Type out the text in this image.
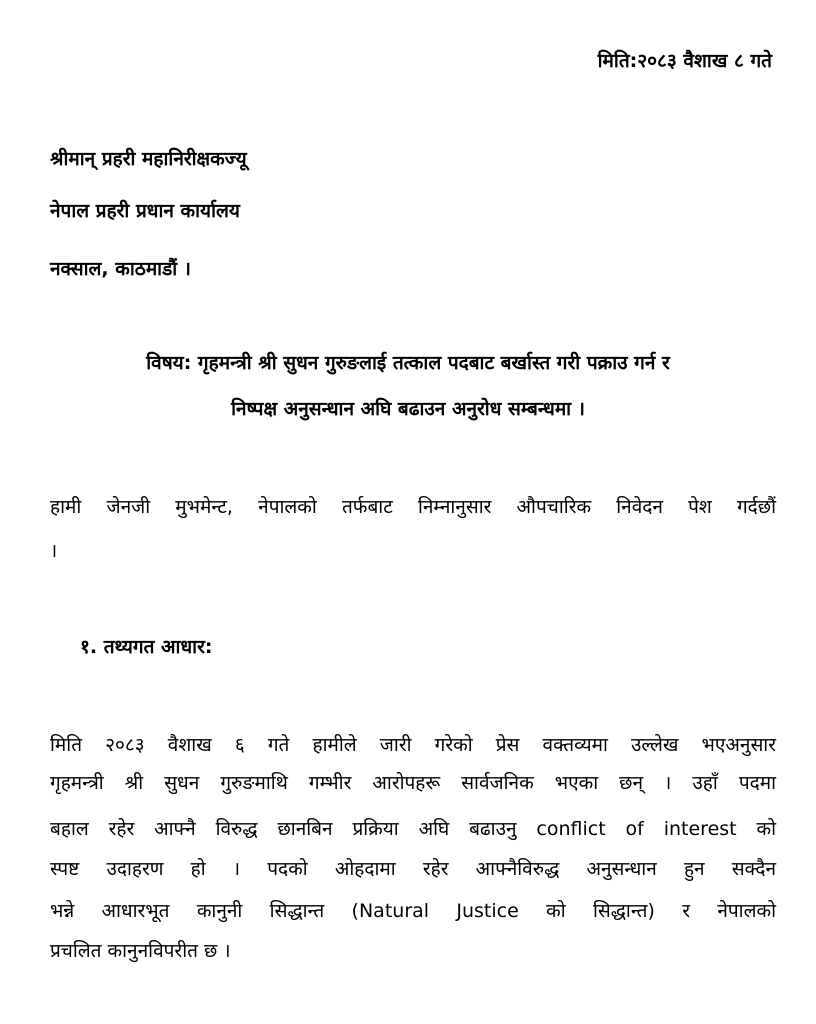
मिति:२०८३ वैशाख ८ गते

श्रीमान् प्रहरी महानिरीक्षकज्यू

नेपाल प्रहरी प्रधान कार्यालय

नक्साल, काठमाडौं ।

विषय: गृहमन्त्री श्री सुधन गुरुङलाई तत्काल पदबाट बर्खास्त गरी पक्राउ गर्न र

निष्पक्ष अनुसन्धान अघि बढाउन अनुरोध सम्बन्धमा ।

हामी जेनजी मुभमेन्ट, नेपालको तर्फबाट निम्नानुसार औपचारिक निवेदन पेश गर्दछौं

।

१. तथ्यगत आधार:

मिति २०८३ वैशाख ६ गते हामीले जारी गरेको प्रेस वक्तव्यमा उल्लेख भएअनुसार

गृहमन्त्री श्री सुधन गुरुङमाथि गम्भीर आरोपहरू सार्वजनिक भएका छन् । उहाँ पदमा

बहाल रहेर आफ्नै विरुद्ध छानबिन प्रक्रिया अघि बढाउनु conflict of interest को

स्पष्ट उदाहरण हो । पदको ओहदामा रहेर आफ्नैविरुद्ध अनुसन्धान हुन सक्दैन

भन्ने आधारभूत कानुनी सिद्धान्त (Natural Justice को सिद्धान्त) र नेपालको

प्रचलित कानुनविपरीत छ ।
